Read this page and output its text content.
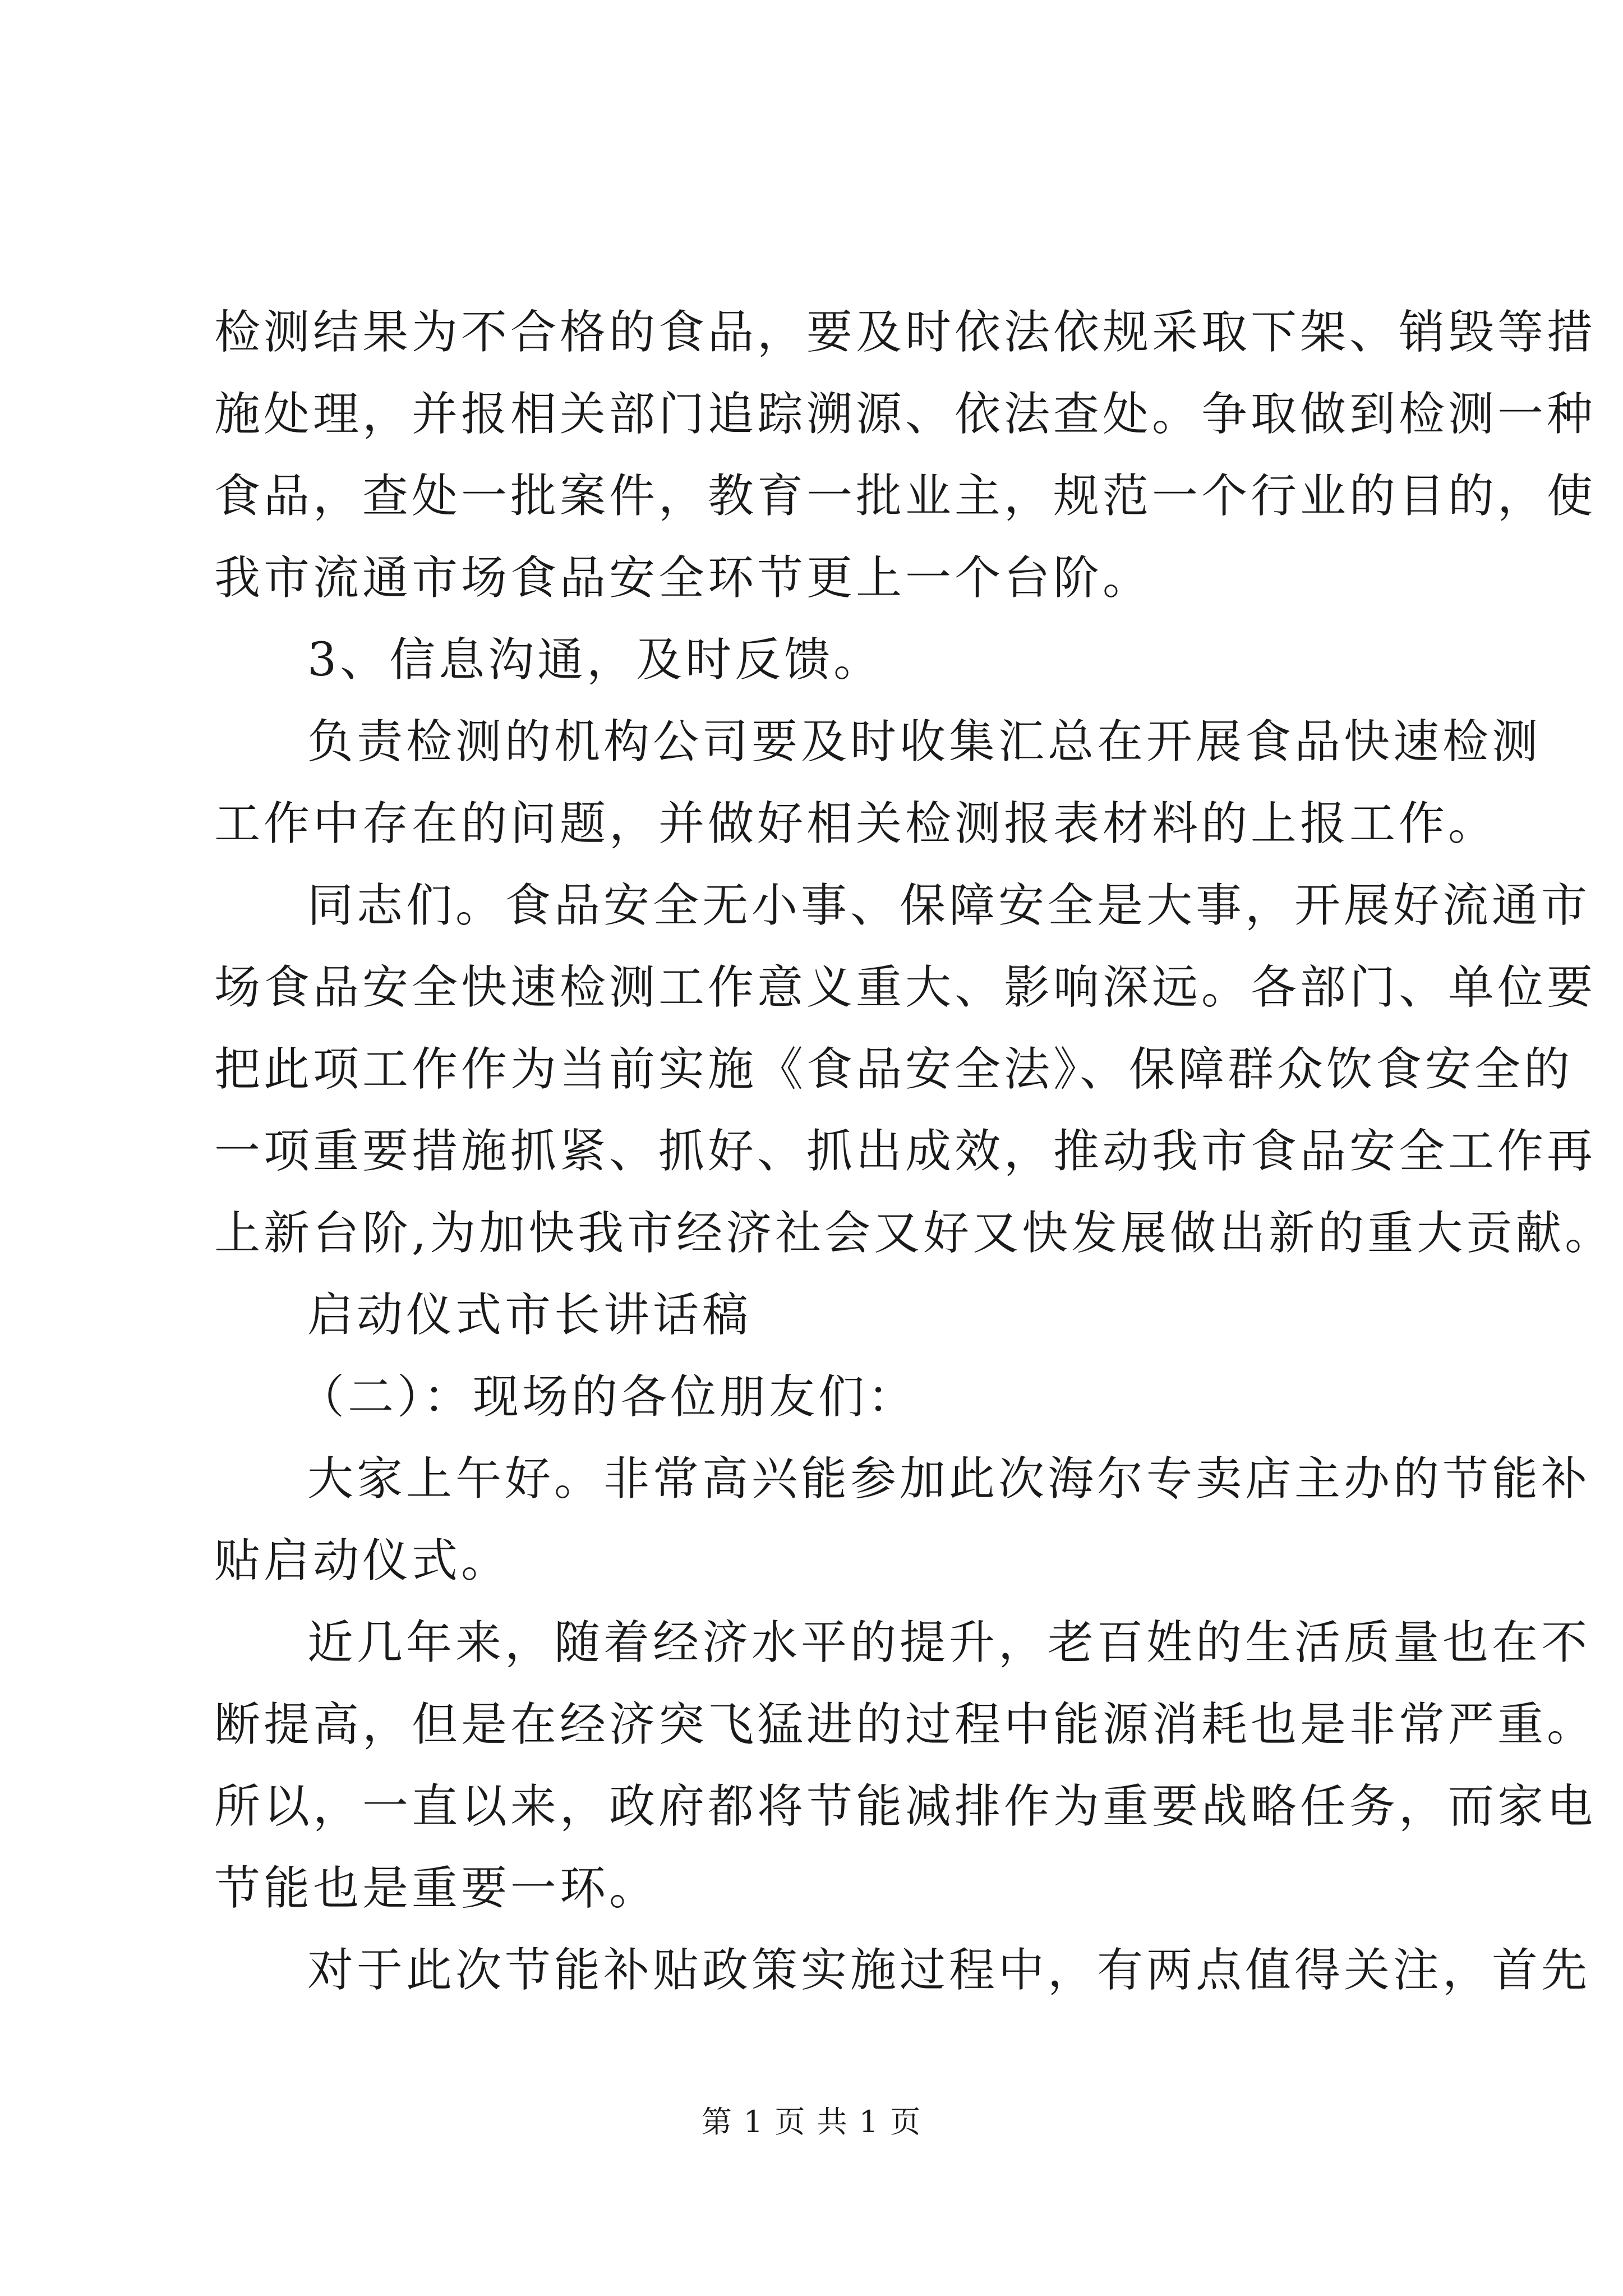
检测结果为不合格的食品，要及时依法依规采取下架、销毁等措
施处理，并报相关部门追踪溯源、依法查处。争取做到检测一种
食品，查处一批案件，教育一批业主，规范一个行业的目的，使
我市流通市场食品安全环节更上一个台阶。
3、信息沟通，及时反馈。
负责检测的机构公司要及时收集汇总在开展食品快速检测
工作中存在的问题，并做好相关检测报表材料的上报工作。
同志们。食品安全无小事、保障安全是大事，开展好流通市
场食品安全快速检测工作意义重大、影响深远。各部门、单位要
把此项工作作为当前实施《食品安全法》、保障群众饮食安全的
一项重要措施抓紧、抓好、抓出成效，推动我市食品安全工作再
上新台阶,为加快我市经济社会又好又快发展做出新的重大贡献。
启动仪式市长讲话稿
（二）：现场的各位朋友们：
大家上午好。非常高兴能参加此次海尔专卖店主办的节能补
贴启动仪式。
近几年来，随着经济水平的提升，老百姓的生活质量也在不
断提高，但是在经济突飞猛进的过程中能源消耗也是非常严重。
所以，一直以来，政府都将节能减排作为重要战略任务，而家电
节能也是重要一环。
对于此次节能补贴政策实施过程中，有两点值得关注，首先
第 1 页 共 1 页
